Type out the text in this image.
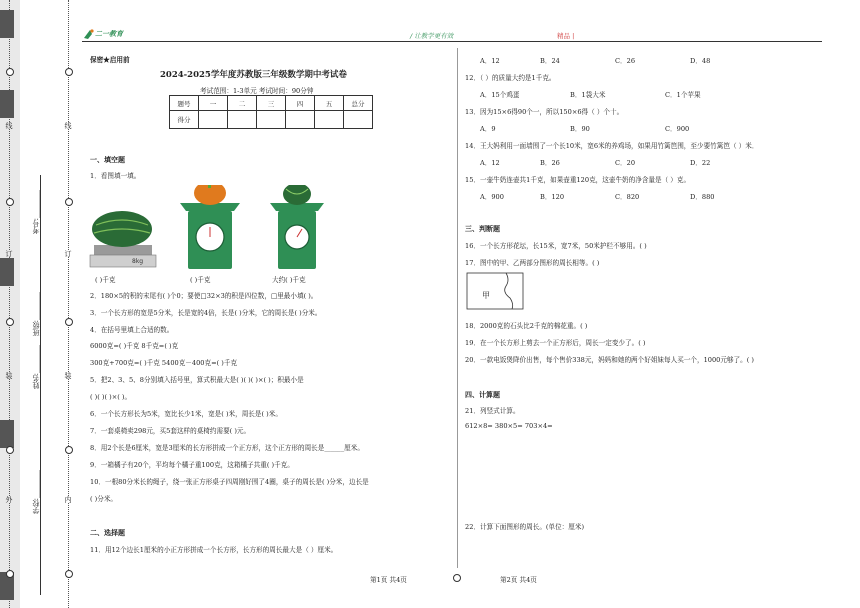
线
订
装
外
线
订
装
内
学校:________
姓名:________
班级:________
考号:________
二一教育	/ 让教学更有效	精品 |
保密★启用前
2024-2025学年度苏教版三年级数学期中考试卷
考试范围：1-3单元 考试时间：90分钟
题号	一	二	三	四	五	总分
得分						
一、填空题
1．看图填一填。
8kg
( )千克	( )千克	大约( )千克
2．180×5的积的末尾有( )个0；要使□32×3的积是四位数，□里最小填( )。
3．一个长方形的宽是5分米，长是宽的4倍，长是( )分米，它的周长是( )分米。
4．在括号里填上合适的数。
6000克=( )千克 8千克=( )克
300克+700克=( )千克 5400克－400克=( )千克
5．把2、3、5、8分别填入括号里，算式积最大是( )( )( )×( )；积最小是
( )( )( )×( )。
6．一个长方形长为5米，宽比长少1米，宽是( )米，周长是( )米。
7．一套桌椅卖298元，买5套这样的桌椅约需要( )元。
8．用2个长是6厘米，宽是3厘米的长方形拼成一个正方形，这个正方形的周长是______厘米。
9．一箱橘子有20个，平均每个橘子重100克，这箱橘子共重( )千克。
10．一根80分米长的绳子，绕一张正方形桌子四周刚好围了4圈，桌子的周长是( )分米，边长是
( )分米。
二、选择题
11．用12个边长1厘米的小正方形拼成一个长方形，长方形的周长最大是（ ）厘米。
A．12	B．24	C．26	D．48
12．（ ）的质量大约是1千克。
A．15个鸡蛋	B．1袋大米	C．1个苹果
13．因为15×6得90个一，所以150×6得（ ）个十。
A．9	B．90	C．900
14．王大妈利用一面墙围了一个长10米，宽6米的养鸡场，如果用竹篱笆围，至少要竹篱笆（ ）米．
A．12	B．26	C．20	D．22
15．一壶牛奶连壶共1千克，如果壶重120克，这壶牛奶的净含量是（ ）克。
A．900	B．120	C．820	D．880
三、判断题
16．一个长方形花坛，长15米，宽7米，50米护栏不够用。( )
17．图中的甲、乙两部分图形的周长相等。( )
甲
18．2000克的石头比2千克的棉花重。( )
19．在一个长方形上剪去一个正方形后，周长一定变少了。( )
20．一款电饭煲降价出售，每个售价338元，妈妈和她的两个好姐妹每人买一个，1000元够了。( )
四、计算题
21．列竖式计算。
612×8= 380×5= 703×4=
22．计算下面图形的周长。(单位：厘米)
第1页 共4页	第2页 共4页
